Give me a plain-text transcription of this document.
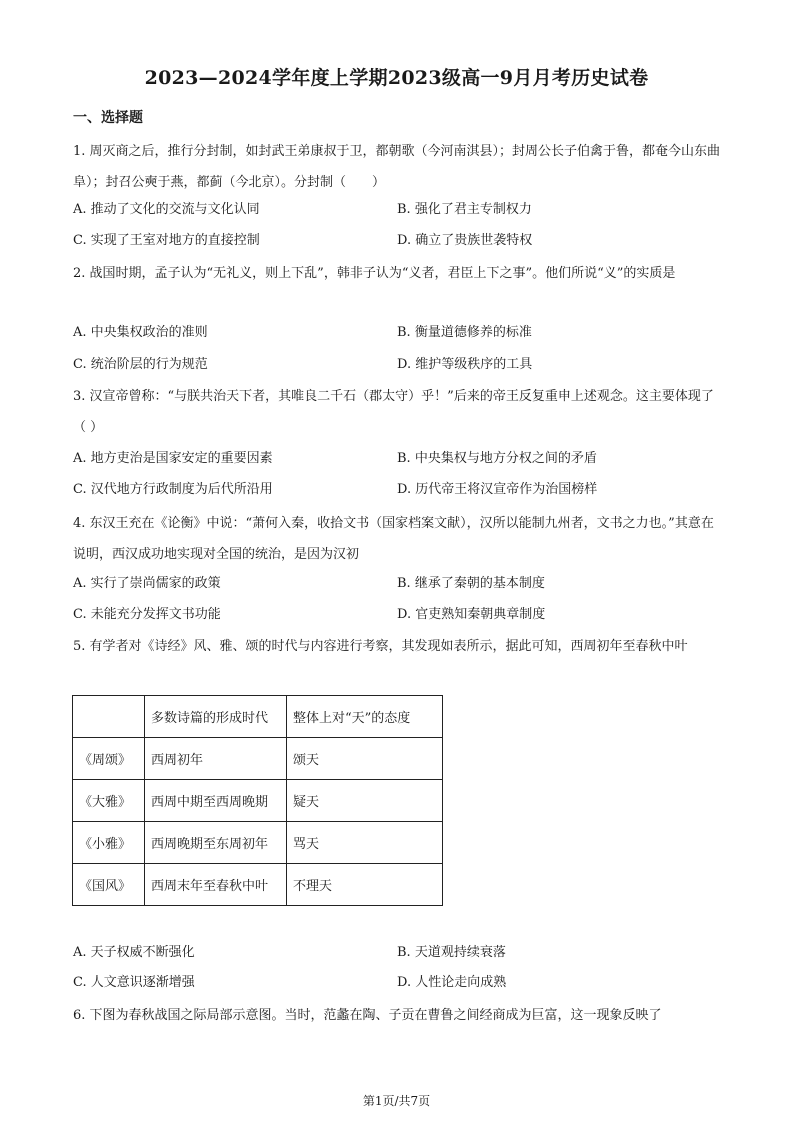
2023—2024学年度上学期2023级高一9月月考历史试卷
一、选择题
1. 周灭商之后，推行分封制，如封武王弟康叔于卫，都朝歌（今河南淇县）；封周公长子伯禽于鲁，都奄今山东曲阜）；封召公奭于燕，都蓟（今北京）。分封制（　　）
A. 推动了文化的交流与文化认同	B. 强化了君主专制权力
C. 实现了王室对地方的直接控制	D. 确立了贵族世袭特权
2. 战国时期，孟子认为“无礼义，则上下乱”，韩非子认为“义者，君臣上下之事”。他们所说“义”的实质是
A. 中央集权政治的准则	B. 衡量道德修养的标准
C. 统治阶层的行为规范	D. 维护等级秩序的工具
3. 汉宣帝曾称：“与朕共治天下者，其唯良二千石（郡太守）乎！”后来的帝王反复重申上述观念。这主要体现了（ ）
A. 地方吏治是国家安定的重要因素	B. 中央集权与地方分权之间的矛盾
C. 汉代地方行政制度为后代所沿用	D. 历代帝王将汉宣帝作为治国榜样
4. 东汉王充在《论衡》中说：“萧何入秦，收拾文书（国家档案文献），汉所以能制九州者，文书之力也。”其意在说明，西汉成功地实现对全国的统治，是因为汉初
A. 实行了崇尚儒家的政策	B. 继承了秦朝的基本制度
C. 未能充分发挥文书功能	D. 官吏熟知秦朝典章制度
5. 有学者对《诗经》风、雅、颂的时代与内容进行考察，其发现如表所示，据此可知，西周初年至春秋中叶
	多数诗篇的形成时代	整体上对“天”的态度
《周颂》	西周初年	颂天
《大雅》	西周中期至西周晚期	疑天
《小雅》	西周晚期至东周初年	骂天
《国风》	西周末年至春秋中叶	不理天
A. 天子权威不断强化	B. 天道观持续衰落
C. 人文意识逐渐增强	D. 人性论走向成熟
6. 下图为春秋战国之际局部示意图。当时，范蠡在陶、子贡在曹鲁之间经商成为巨富，这一现象反映了
第1页/共7页
